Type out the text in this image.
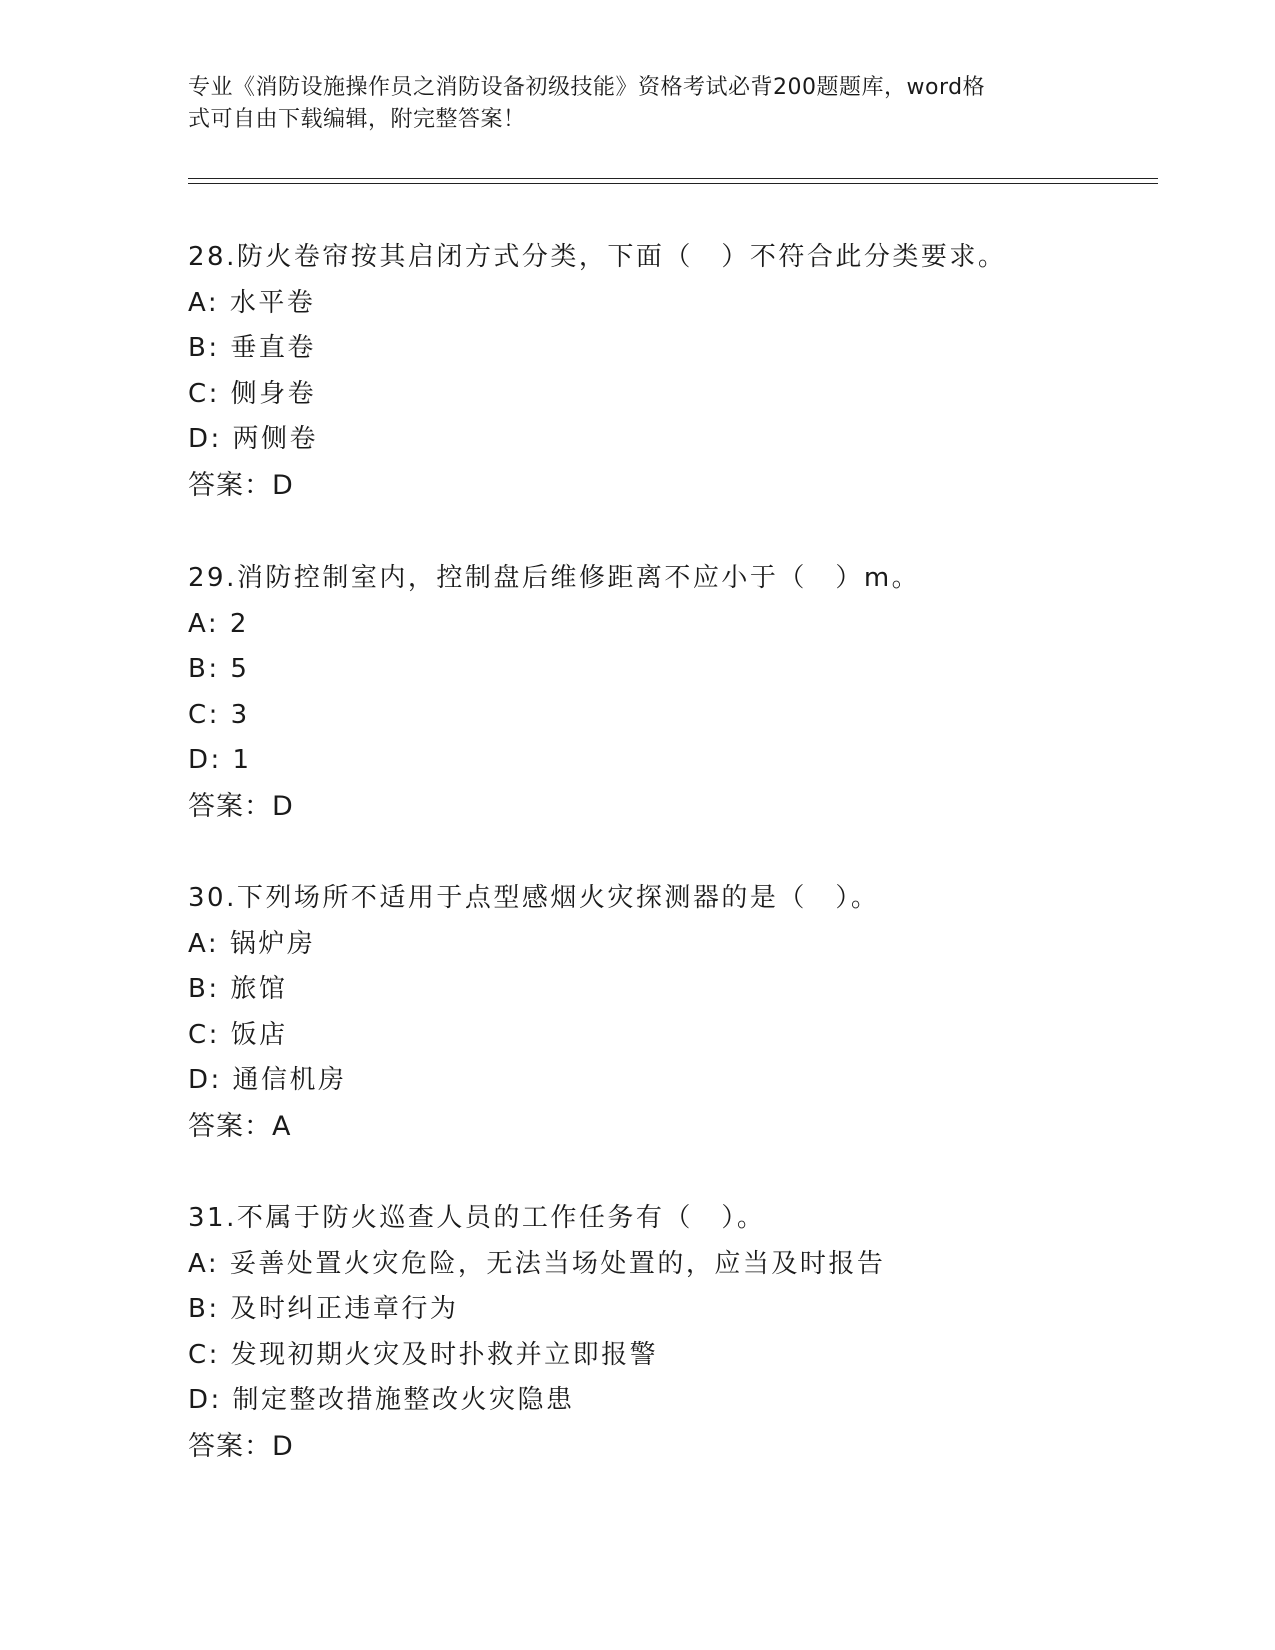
专业《消防设施操作员之消防设备初级技能》资格考试必背200题题库，word格
式可自由下载编辑，附完整答案！
28.防火卷帘按其启闭方式分类，下面（　）不符合此分类要求。
A: 水平卷
B: 垂直卷
C: 侧身卷
D: 两侧卷
答案：D
29.消防控制室内，控制盘后维修距离不应小于（　）m。
A: 2
B: 5
C: 3
D: 1
答案：D
30.下列场所不适用于点型感烟火灾探测器的是（　）。
A: 锅炉房
B: 旅馆
C: 饭店
D: 通信机房
答案：A
31.不属于防火巡查人员的工作任务有（　）。
A: 妥善处置火灾危险，无法当场处置的，应当及时报告
B: 及时纠正违章行为
C: 发现初期火灾及时扑救并立即报警
D: 制定整改措施整改火灾隐患
答案：D
